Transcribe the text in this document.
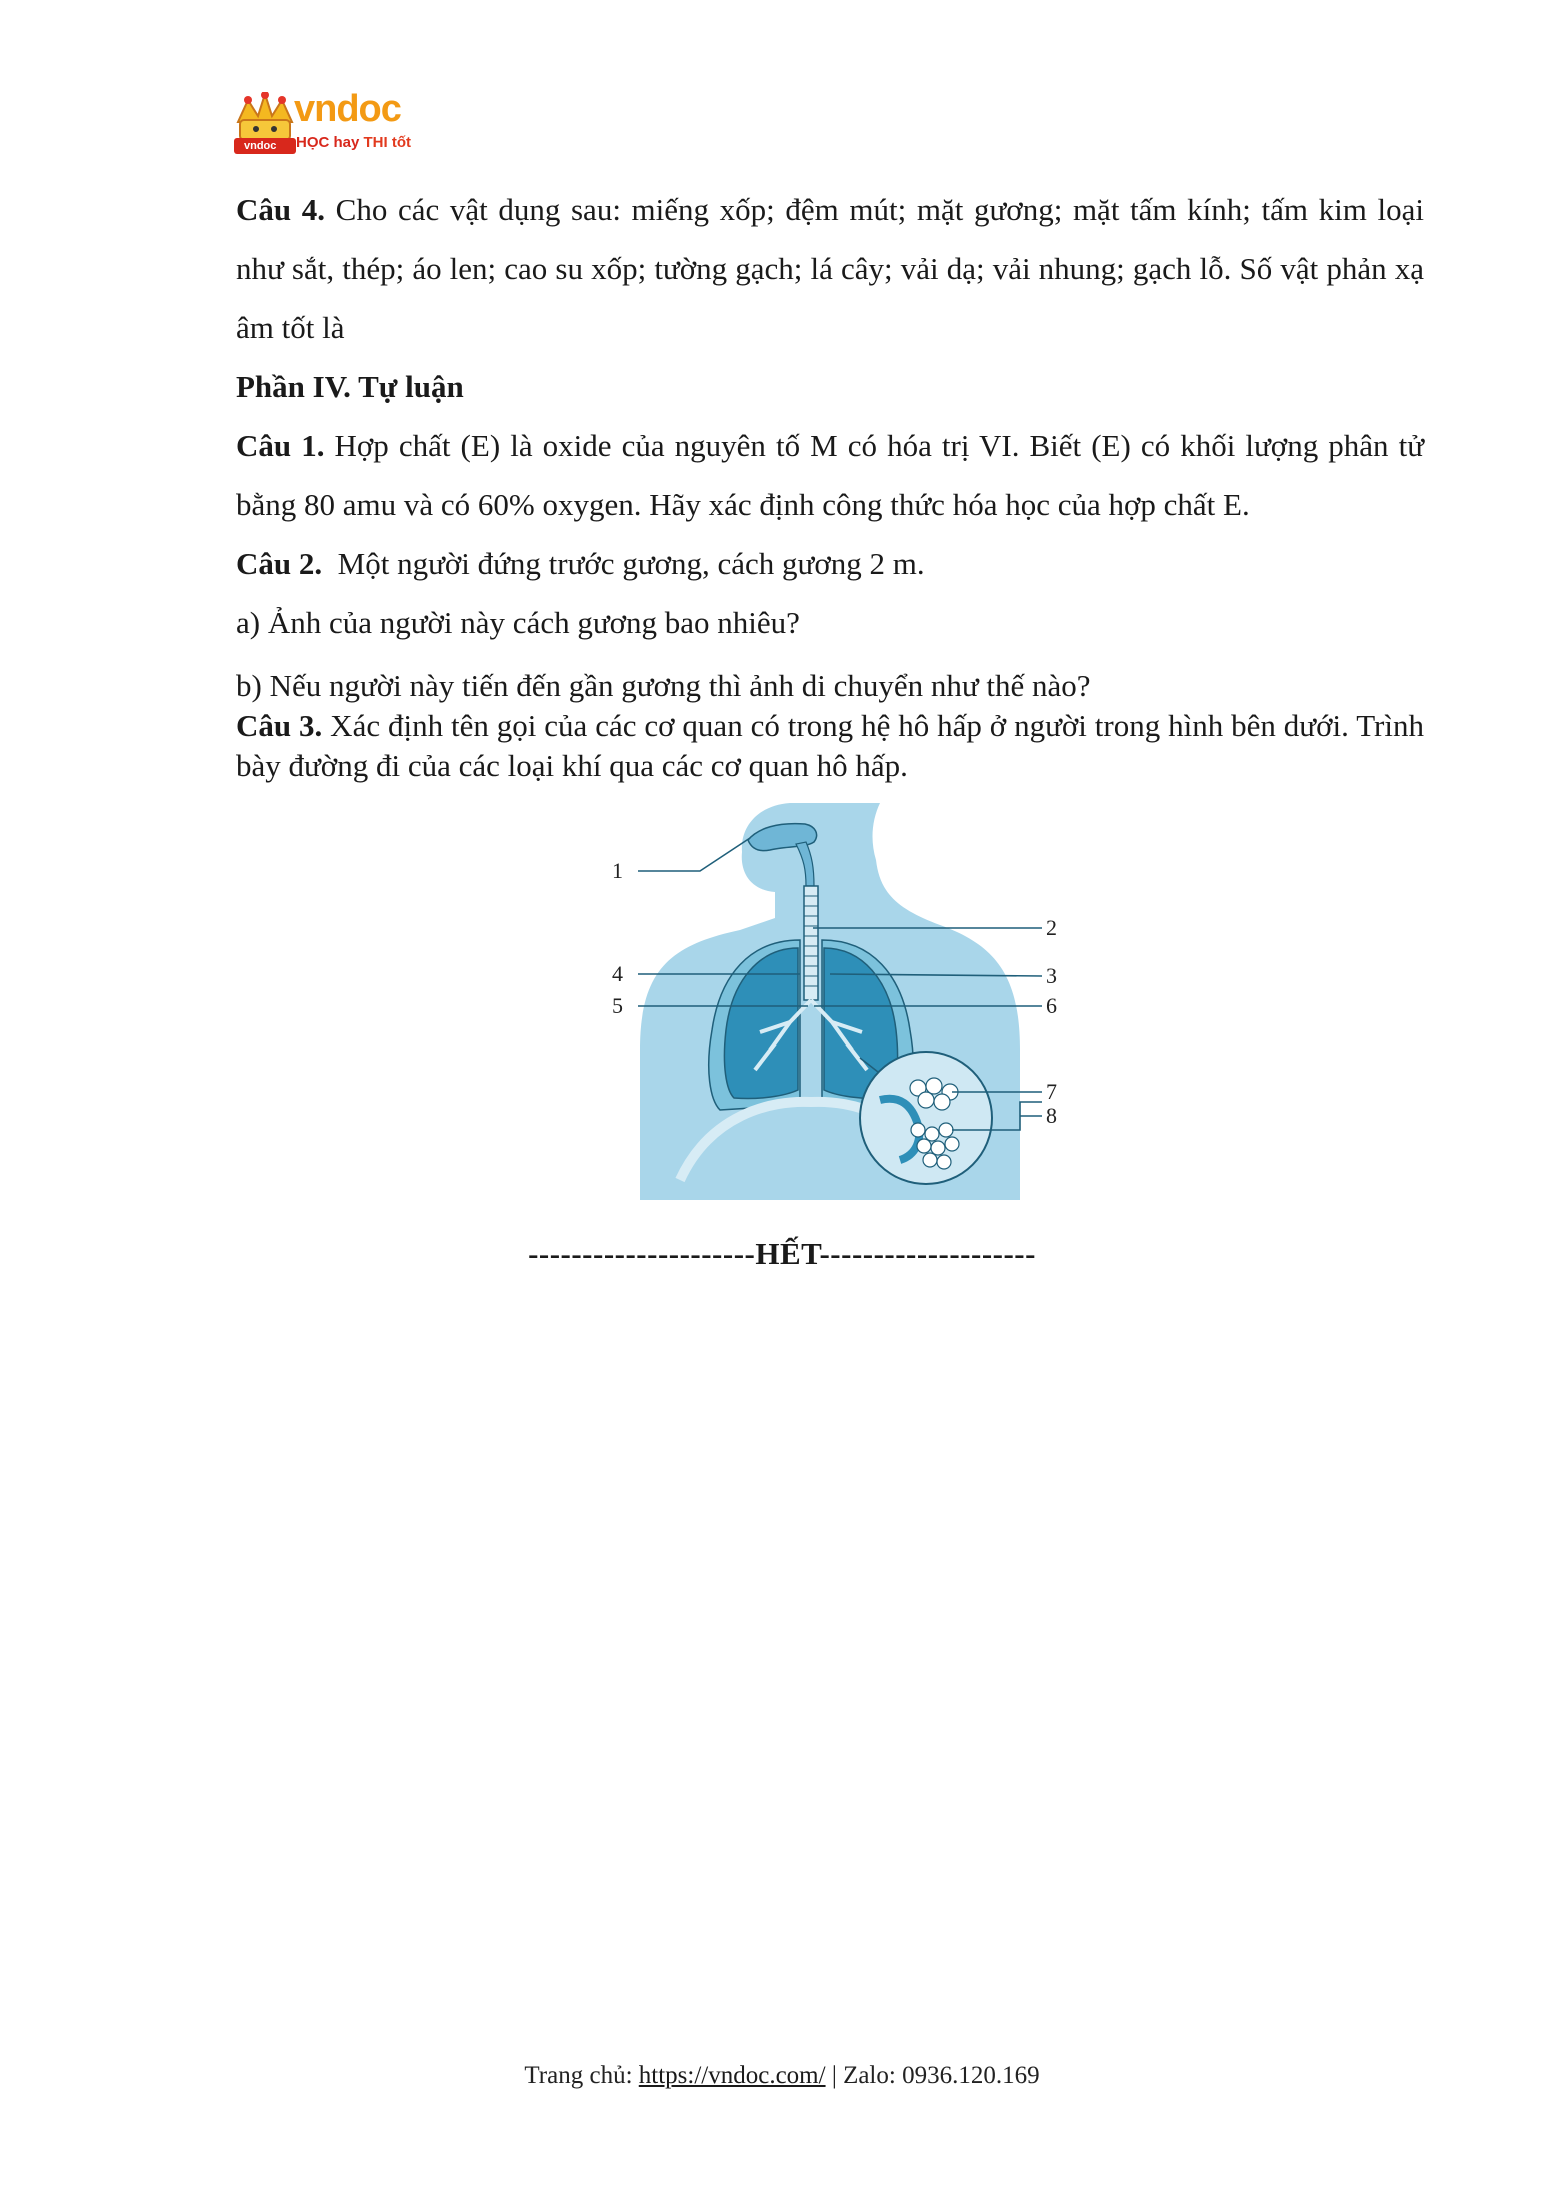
vndoc
vndoc
HỌC hay THI tốt

Câu 4. Cho các vật dụng sau: miếng xốp; đệm mút; mặt gương; mặt tấm kính; tấm kim loại như sắt, thép; áo len; cao su xốp; tường gạch; lá cây; vải dạ; vải nhung; gạch lỗ. Số vật phản xạ âm tốt là

Phần IV. Tự luận

Câu 1. Hợp chất (E) là oxide của nguyên tố M có hóa trị VI. Biết (E) có khối lượng phân tử bằng 80 amu và có 60% oxygen. Hãy xác định công thức hóa học của hợp chất E.

Câu 2.  Một người đứng trước gương, cách gương 2 m.

a) Ảnh của người này cách gương bao nhiêu?

b) Nếu người này tiến đến gần gương thì ảnh di chuyển như thế nào?

Câu 3. Xác định tên gọi của các cơ quan có trong hệ hô hấp ở người trong hình bên dưới. Trình bày đường đi của các loại khí qua các cơ quan hô hấp.

1
2
3
4
5	6
7
8
---------------------HẾT--------------------
Trang chủ: https://vndoc.com/ | Zalo: 0936.120.169
